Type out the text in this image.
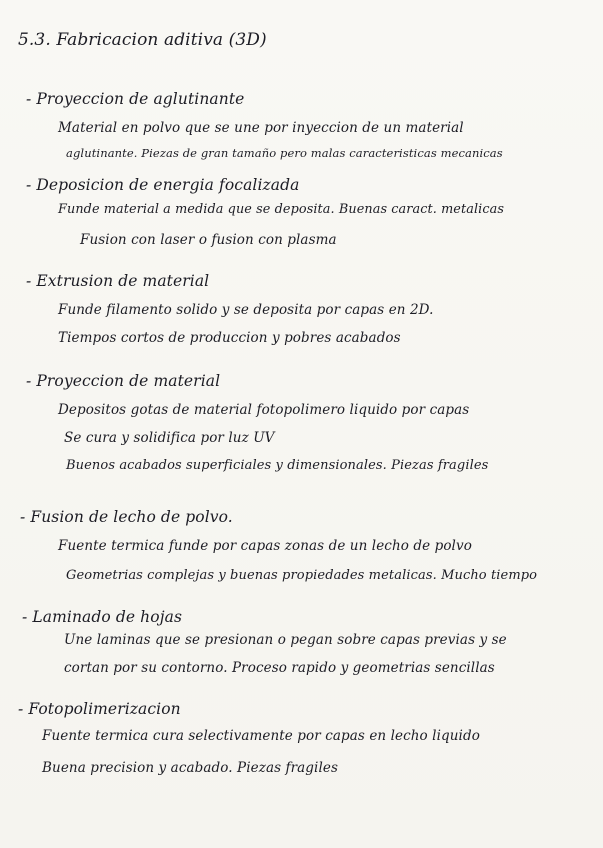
5.3. Fabricacion aditiva (3D)
- Proyeccion de aglutinante
Material en polvo que se une por inyeccion de un material
aglutinante. Piezas de gran tamaño pero malas caracteristicas mecanicas
- Deposicion de energia focalizada
Funde material a medida que se deposita. Buenas caract. metalicas
Fusion con laser o fusion con plasma
- Extrusion de material
Funde filamento solido y se deposita por capas en 2D.
Tiempos cortos de produccion y pobres acabados
- Proyeccion de material
Depositos gotas de material fotopolimero liquido por capas
Se cura y solidifica por luz UV
Buenos acabados superficiales y dimensionales. Piezas fragiles
- Fusion de lecho de polvo.
Fuente termica funde por capas zonas de un lecho de polvo
Geometrias complejas y buenas propiedades metalicas. Mucho tiempo
- Laminado de hojas
Une laminas que se presionan o pegan sobre capas previas y se
cortan por su contorno. Proceso rapido y geometrias sencillas
- Fotopolimerizacion
Fuente termica cura selectivamente por capas en lecho liquido
Buena precision y acabado. Piezas fragiles
